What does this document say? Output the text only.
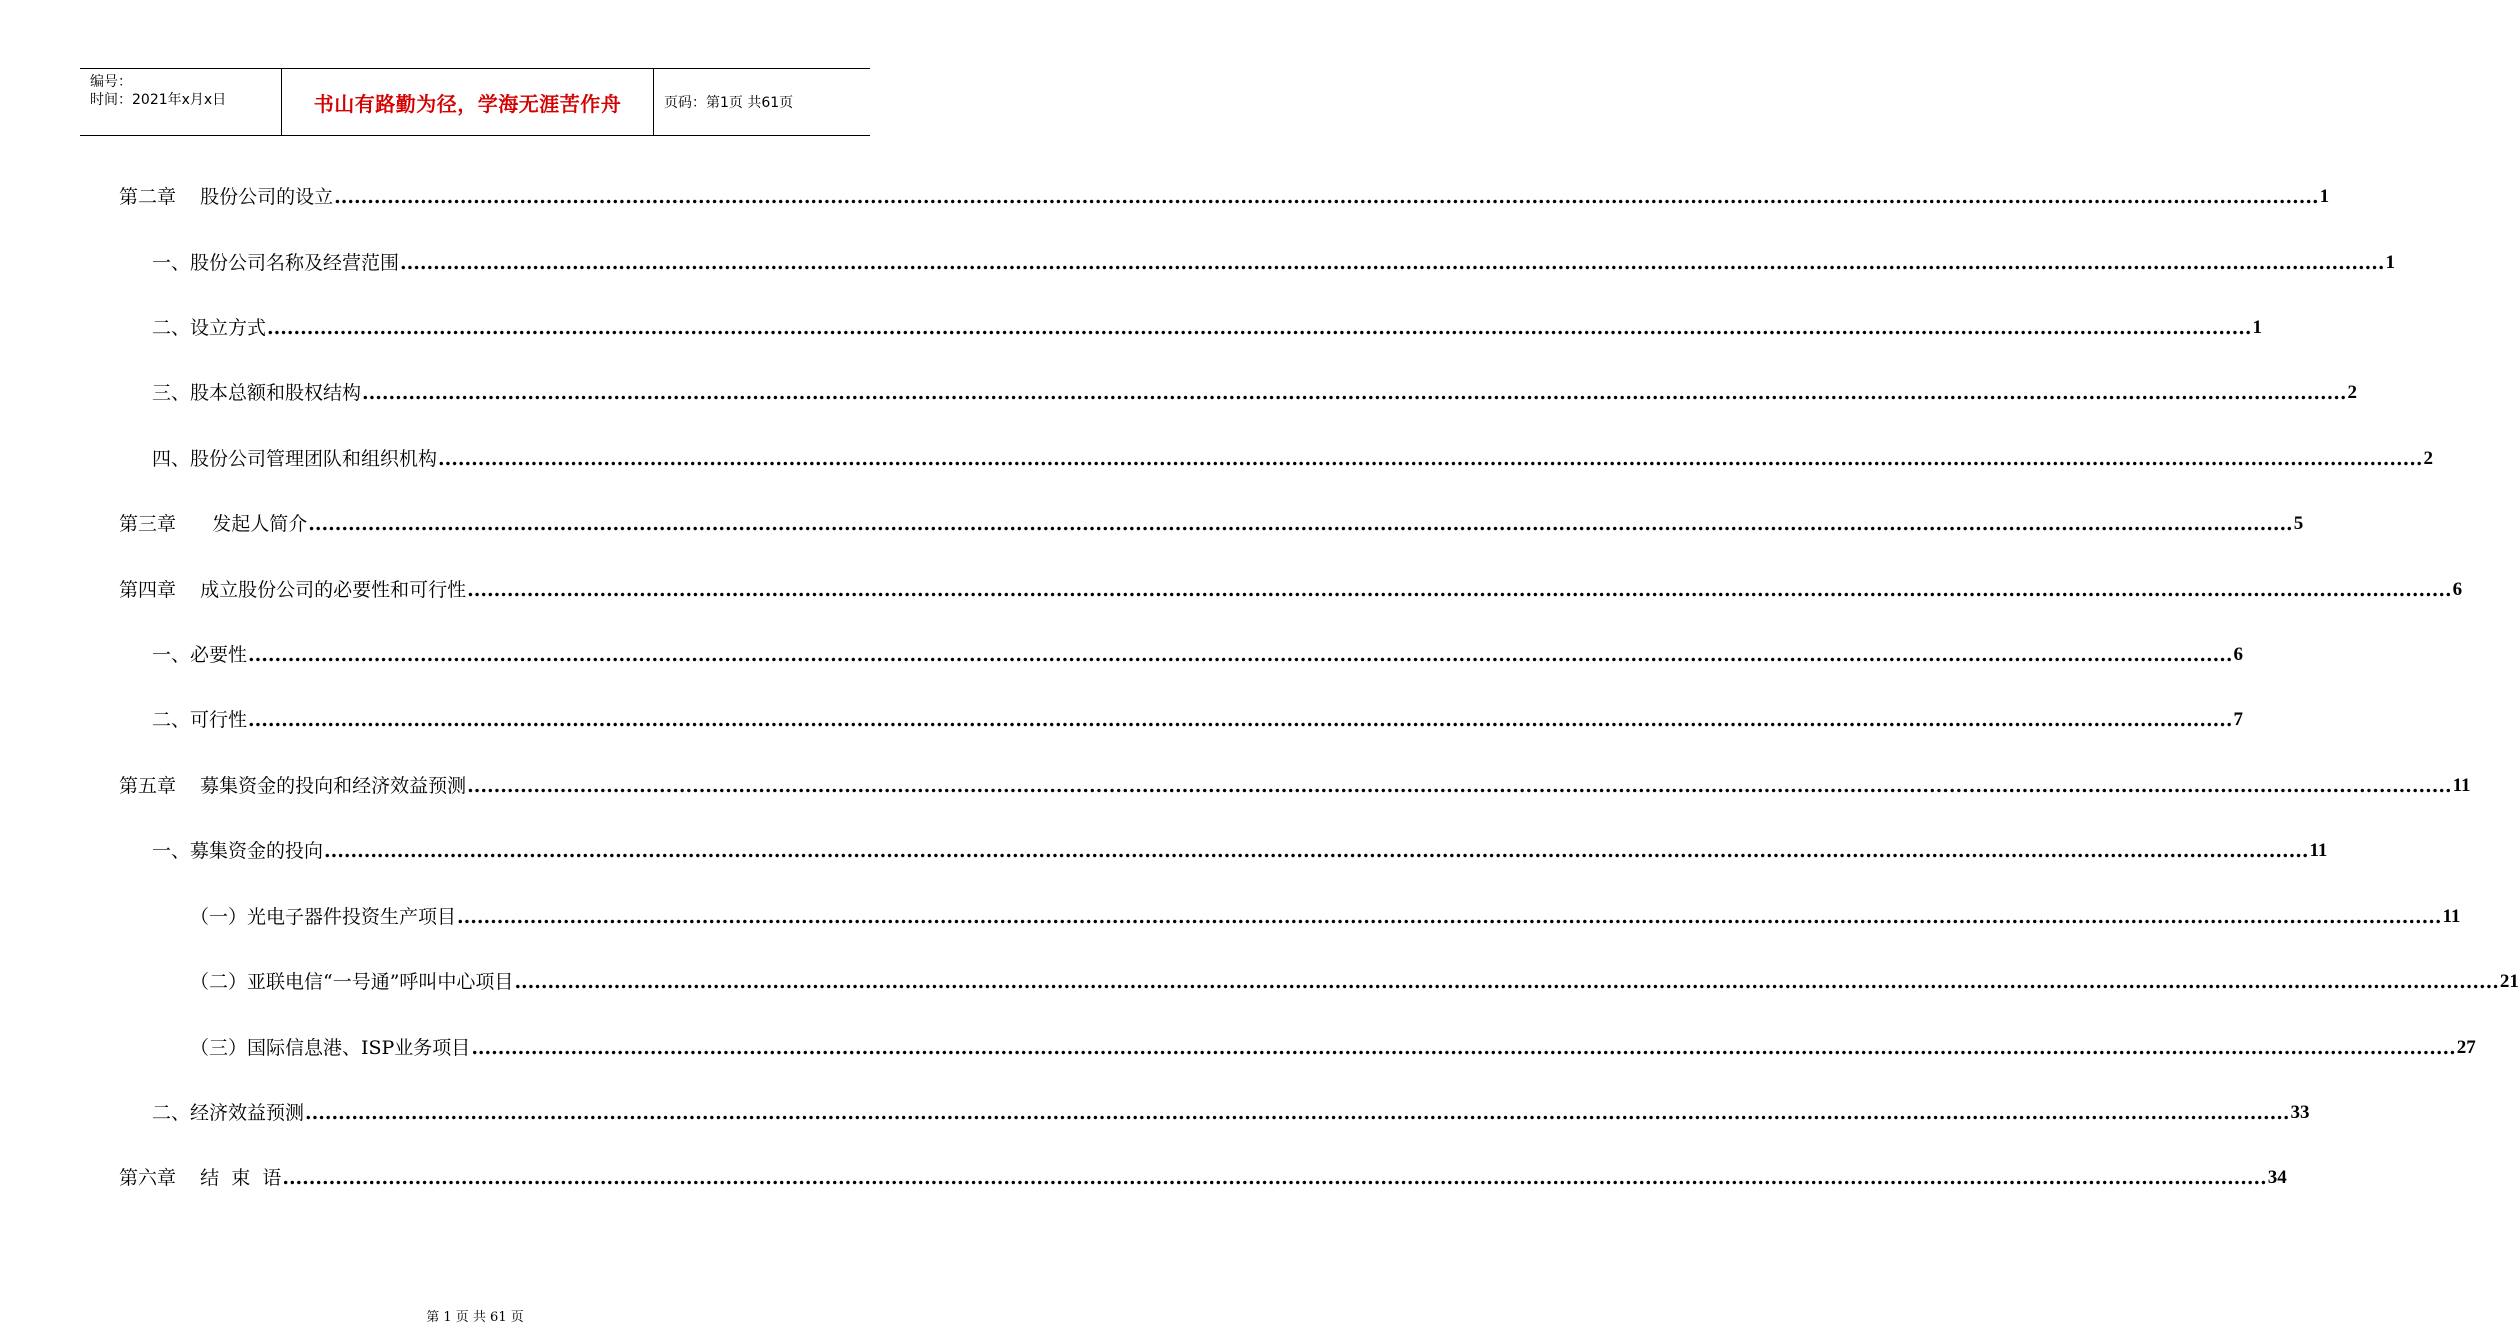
编号：
时间：2021年x月x日	书山有路勤为径，学海无涯苦作舟	页码：第1页 共61页
第二章    股份公司的设立 ............................................................................................................................................................................................................................................................................................................ 1
一、股份公司名称及经营范围 ............................................................................................................................................................................................................................................................................................................ 1
二、设立方式 ............................................................................................................................................................................................................................................................................................................ 1
三、股本总额和股权结构 ............................................................................................................................................................................................................................................................................................................ 2
四、股份公司管理团队和组织机构 ............................................................................................................................................................................................................................................................................................................ 2
第三章      发起人简介 ............................................................................................................................................................................................................................................................................................................ 5
第四章    成立股份公司的必要性和可行性 ............................................................................................................................................................................................................................................................................................................ 6
一、必要性 ............................................................................................................................................................................................................................................................................................................ 6
二、可行性 ............................................................................................................................................................................................................................................................................................................ 7
第五章    募集资金的投向和经济效益预测 ............................................................................................................................................................................................................................................................................................................ 11
一、募集资金的投向 ............................................................................................................................................................................................................................................................................................................ 11
（一）光电子器件投资生产项目 ............................................................................................................................................................................................................................................................................................................ 11
（二）亚联电信“一号通”呼叫中心项目 ............................................................................................................................................................................................................................................................................................................ 21
（三）国际信息港、ISP业务项目 ............................................................................................................................................................................................................................................................................................................ 27
二、经济效益预测 ............................................................................................................................................................................................................................................................................................................ 33
第六章    结  束  语 ............................................................................................................................................................................................................................................................................................................ 34
第 1 页 共 61 页
